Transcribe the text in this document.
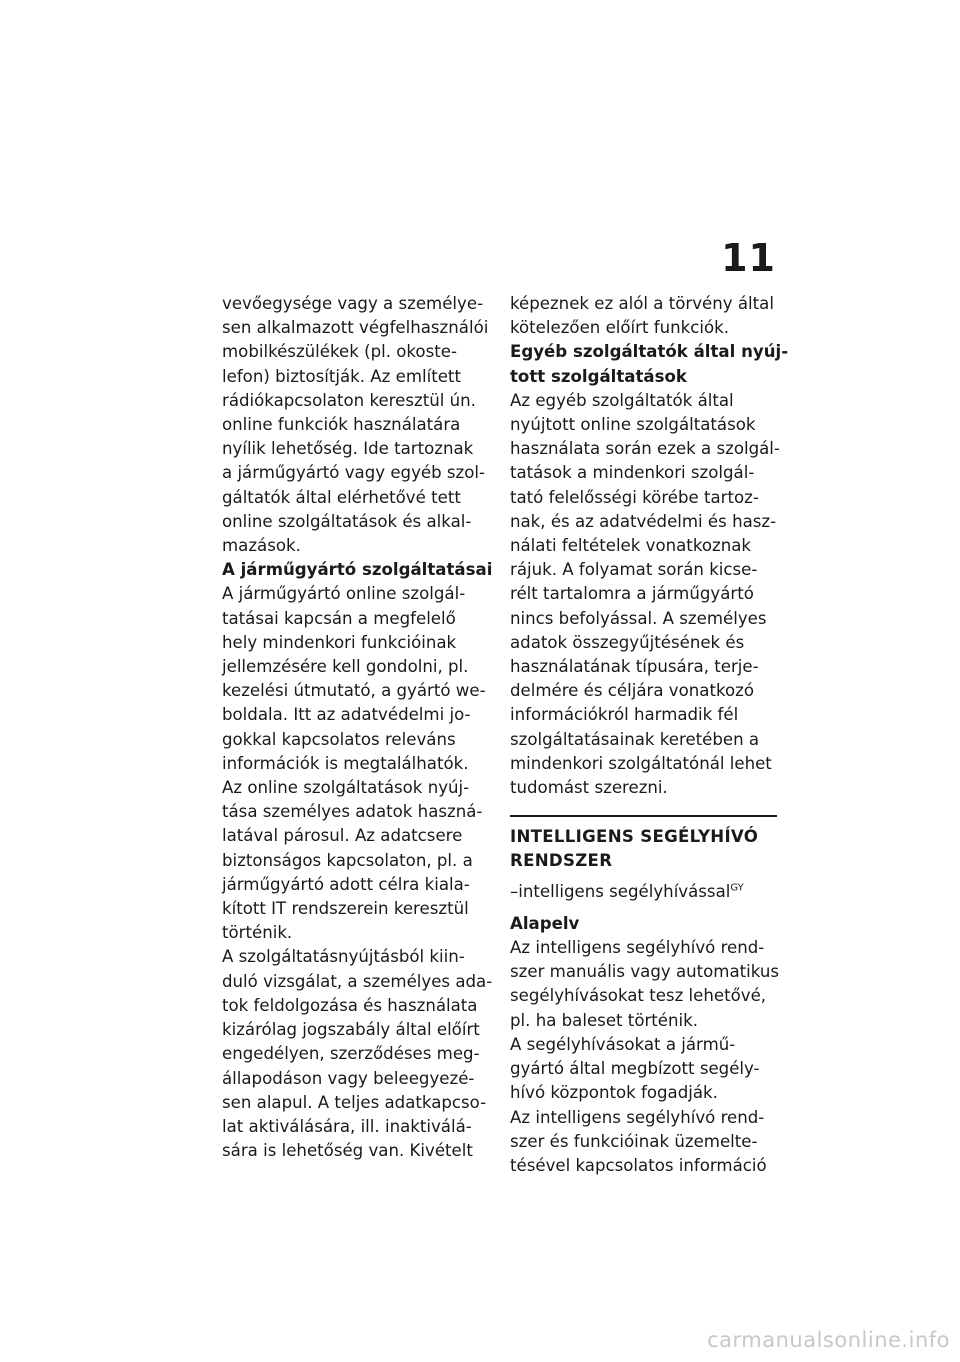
11
vevőegysége vagy a személye-
sen alkalmazott végfelhasználói
mobilkészülékek (pl. okoste-
lefon) biztosítják. Az említett
rádiókapcsolaton keresztül ún.
online funkciók használatára
nyílik lehetőség. Ide tartoznak
a járműgyártó vagy egyéb szol-
gáltatók által elérhetővé tett
online szolgáltatások és alkal-
mazások.
A járműgyártó szolgáltatásai
A járműgyártó online szolgál-
tatásai kapcsán a megfelelő
hely mindenkori funkcióinak
jellemzésére kell gondolni, pl.
kezelési útmutató, a gyártó we-
boldala. Itt az adatvédelmi jo-
gokkal kapcsolatos releváns
információk is megtalálhatók.
Az online szolgáltatások nyúj-
tása személyes adatok haszná-
latával párosul. Az adatcsere
biztonságos kapcsolaton, pl. a
járműgyártó adott célra kiala-
kított IT rendszerein keresztül
történik.
A szolgáltatásnyújtásból kiin-
duló vizsgálat, a személyes ada-
tok feldolgozása és használata
kizárólag jogszabály által előírt
engedélyen, szerződéses meg-
állapodáson vagy beleegyezé-
sen alapul. A teljes adatkapcso-
lat aktiválására, ill. inaktiválá-
sára is lehetőség van. Kivételt
képeznek ez alól a törvény által
kötelezően előírt funkciók.
Egyéb szolgáltatók által nyúj-
tott szolgáltatások
Az egyéb szolgáltatók által
nyújtott online szolgáltatások
használata során ezek a szolgál-
tatások a mindenkori szolgál-
tató felelősségi körébe tartoz-
nak, és az adatvédelmi és hasz-
nálati feltételek vonatkoznak
rájuk. A folyamat során kicse-
rélt tartalomra a járműgyártó
nincs befolyással. A személyes
adatok összegyűjtésének és
használatának típusára, terje-
delmére és céljára vonatkozó
információkról harmadik fél
szolgáltatásainak keretében a
mindenkori szolgáltatónál lehet
tudomást szerezni.
INTELLIGENS SEGÉLYHÍVÓ
RENDSZER
–intelligens segélyhívással$^{GY}$
Alapelv
Az intelligens segélyhívó rend-
szer manuális vagy automatikus
segélyhívásokat tesz lehetővé,
pl. ha baleset történik.
A segélyhívásokat a jármű-
gyártó által megbízott segély-
hívó központok fogadják.
Az intelligens segélyhívó rend-
szer és funkcióinak üzemelte-
tésével kapcsolatos információ
carmanualsonline.info
